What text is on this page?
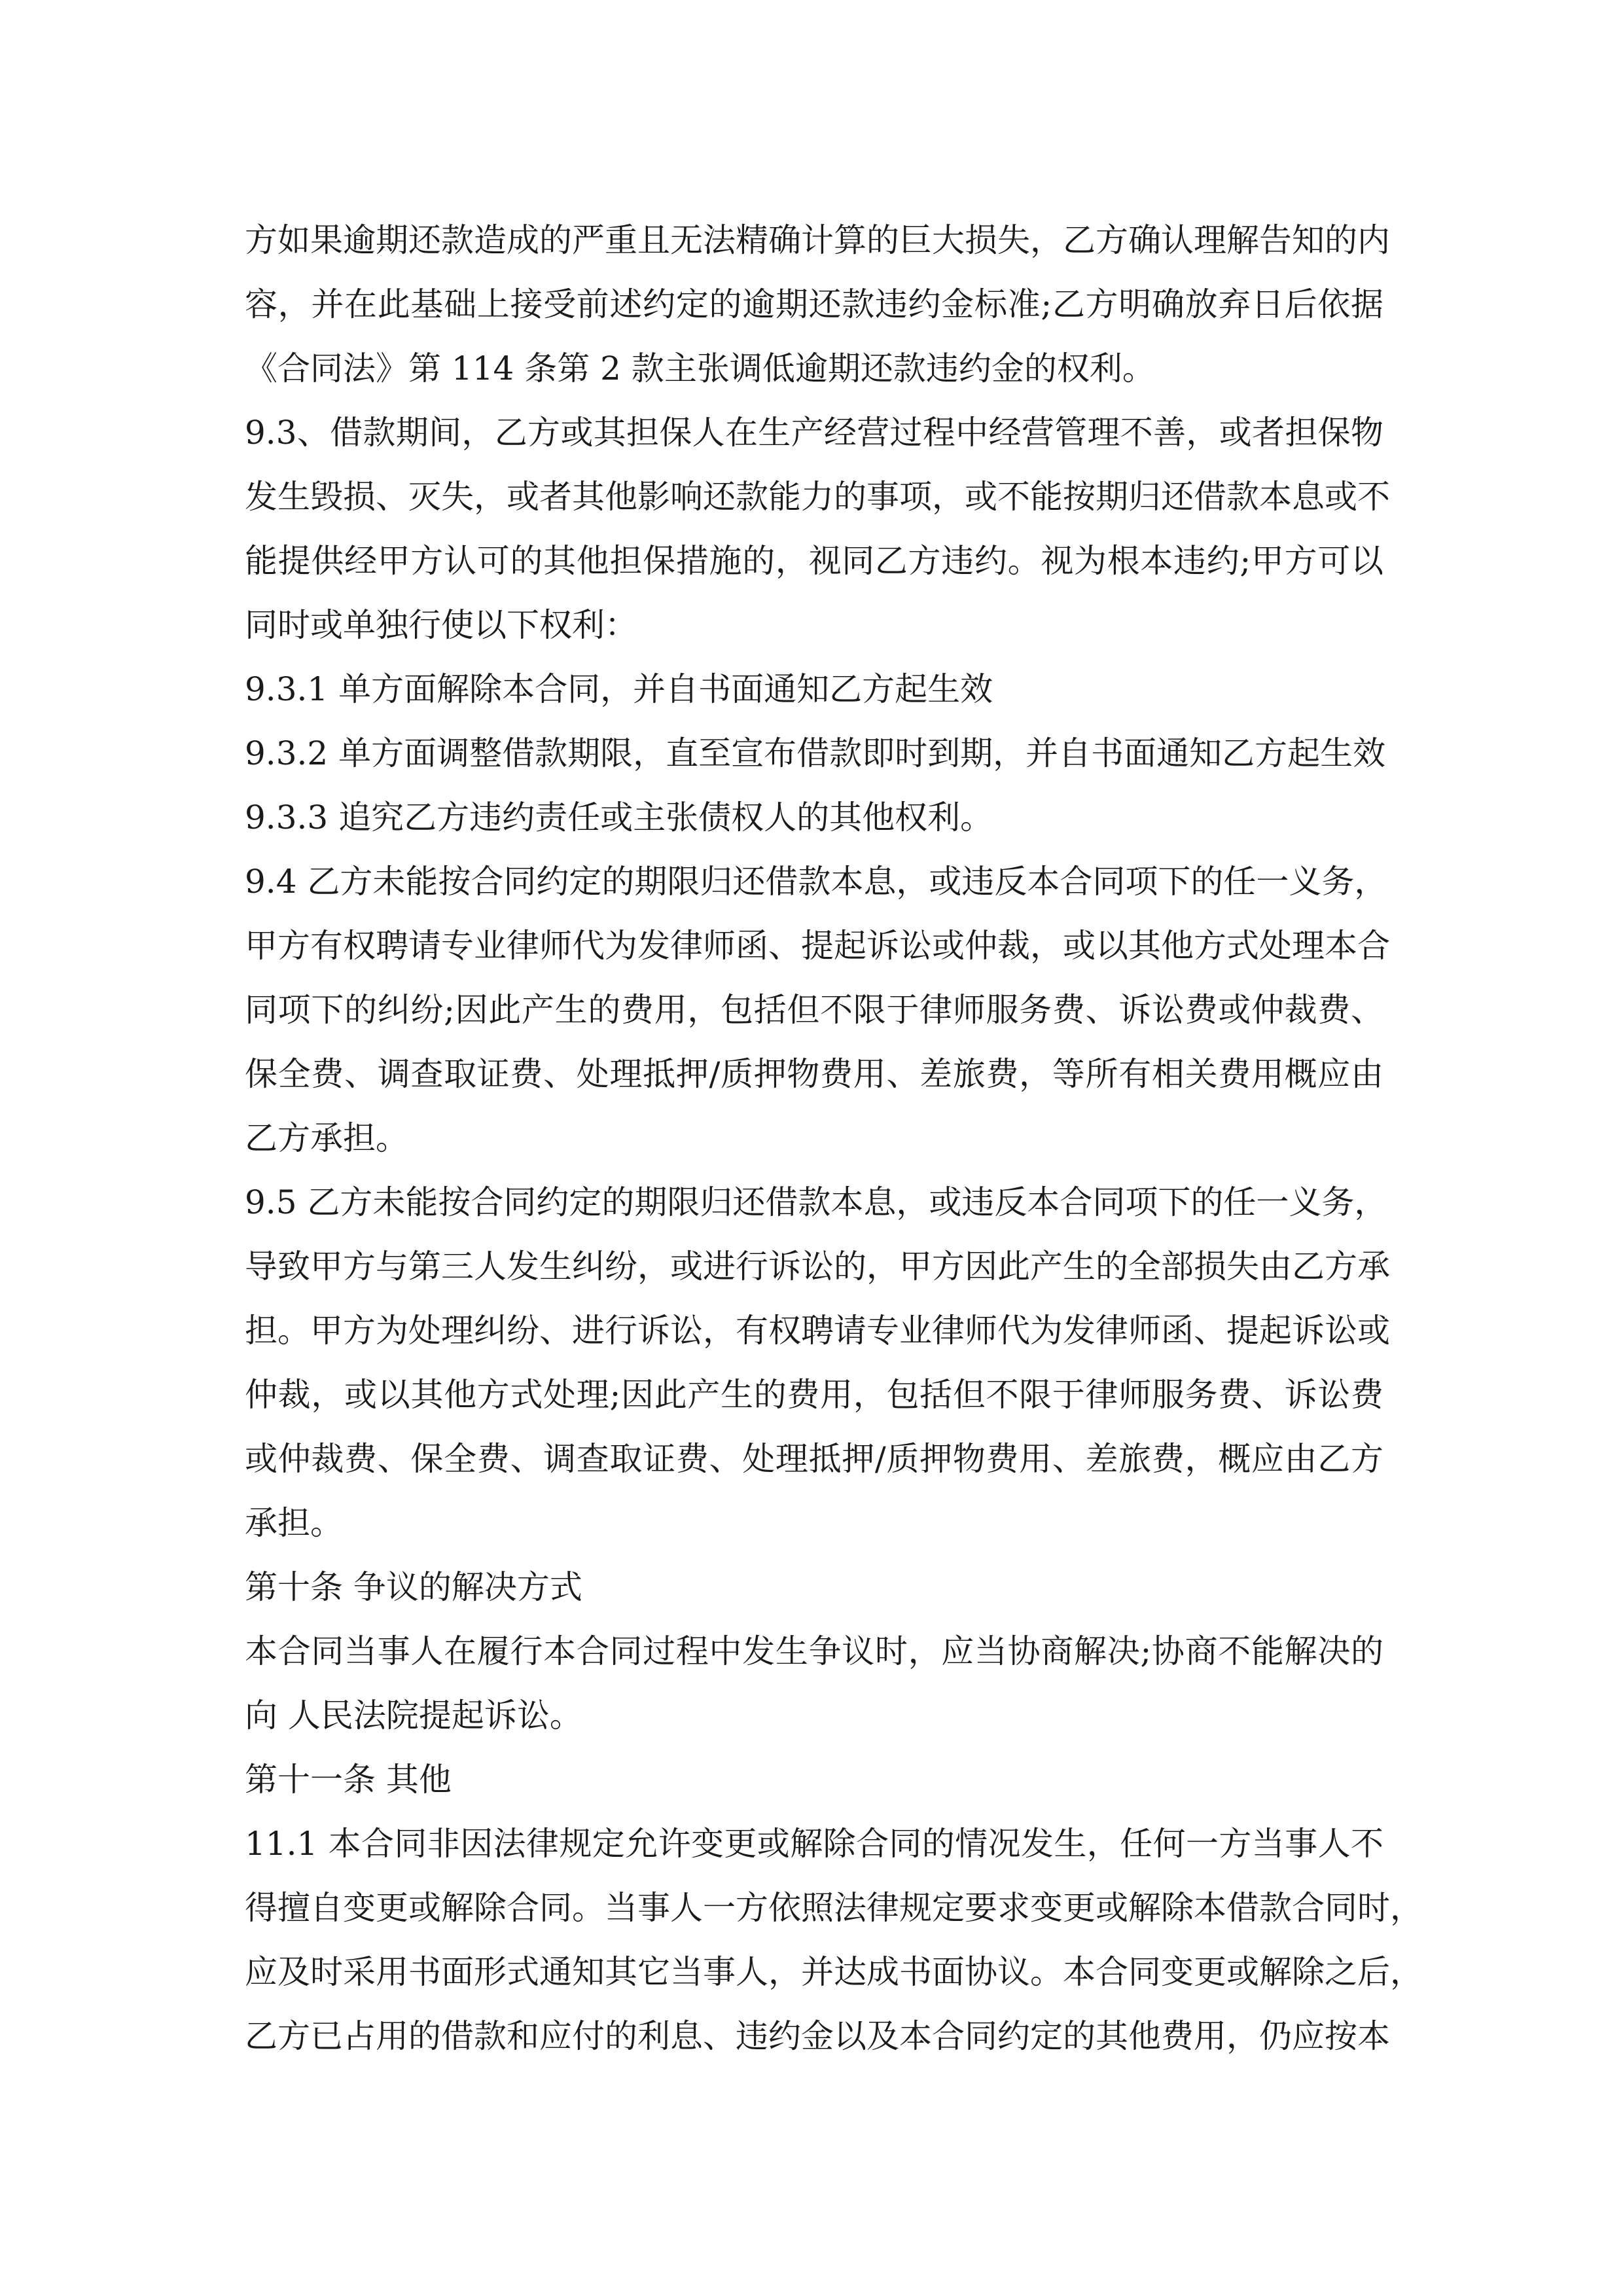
方如果逾期还款造成的严重且无法精确计算的巨大损失，乙方确认理解告知的内
容，并在此基础上接受前述约定的逾期还款违约金标准;乙方明确放弃日后依据
《合同法》第 114 条第 2 款主张调低逾期还款违约金的权利。
9.3、借款期间，乙方或其担保人在生产经营过程中经营管理不善，或者担保物
发生毁损、灭失，或者其他影响还款能力的事项，或不能按期归还借款本息或不
能提供经甲方认可的其他担保措施的，视同乙方违约。视为根本违约;甲方可以
同时或单独行使以下权利：
9.3.1 单方面解除本合同，并自书面通知乙方起生效
9.3.2 单方面调整借款期限，直至宣布借款即时到期，并自书面通知乙方起生效
9.3.3 追究乙方违约责任或主张债权人的其他权利。
9.4 乙方未能按合同约定的期限归还借款本息，或违反本合同项下的任一义务，
甲方有权聘请专业律师代为发律师函、提起诉讼或仲裁，或以其他方式处理本合
同项下的纠纷;因此产生的费用，包括但不限于律师服务费、诉讼费或仲裁费、
保全费、调查取证费、处理抵押/质押物费用、差旅费，等所有相关费用概应由
乙方承担。
9.5 乙方未能按合同约定的期限归还借款本息，或违反本合同项下的任一义务，
导致甲方与第三人发生纠纷，或进行诉讼的，甲方因此产生的全部损失由乙方承
担。甲方为处理纠纷、进行诉讼，有权聘请专业律师代为发律师函、提起诉讼或
仲裁，或以其他方式处理;因此产生的费用，包括但不限于律师服务费、诉讼费
或仲裁费、保全费、调查取证费、处理抵押/质押物费用、差旅费，概应由乙方
承担。
第十条 争议的解决方式
本合同当事人在履行本合同过程中发生争议时，应当协商解决;协商不能解决的
向 人民法院提起诉讼。
第十一条 其他
11.1 本合同非因法律规定允许变更或解除合同的情况发生，任何一方当事人不
得擅自变更或解除合同。当事人一方依照法律规定要求变更或解除本借款合同时，
应及时采用书面形式通知其它当事人，并达成书面协议。本合同变更或解除之后，
乙方已占用的借款和应付的利息、违约金以及本合同约定的其他费用，仍应按本
